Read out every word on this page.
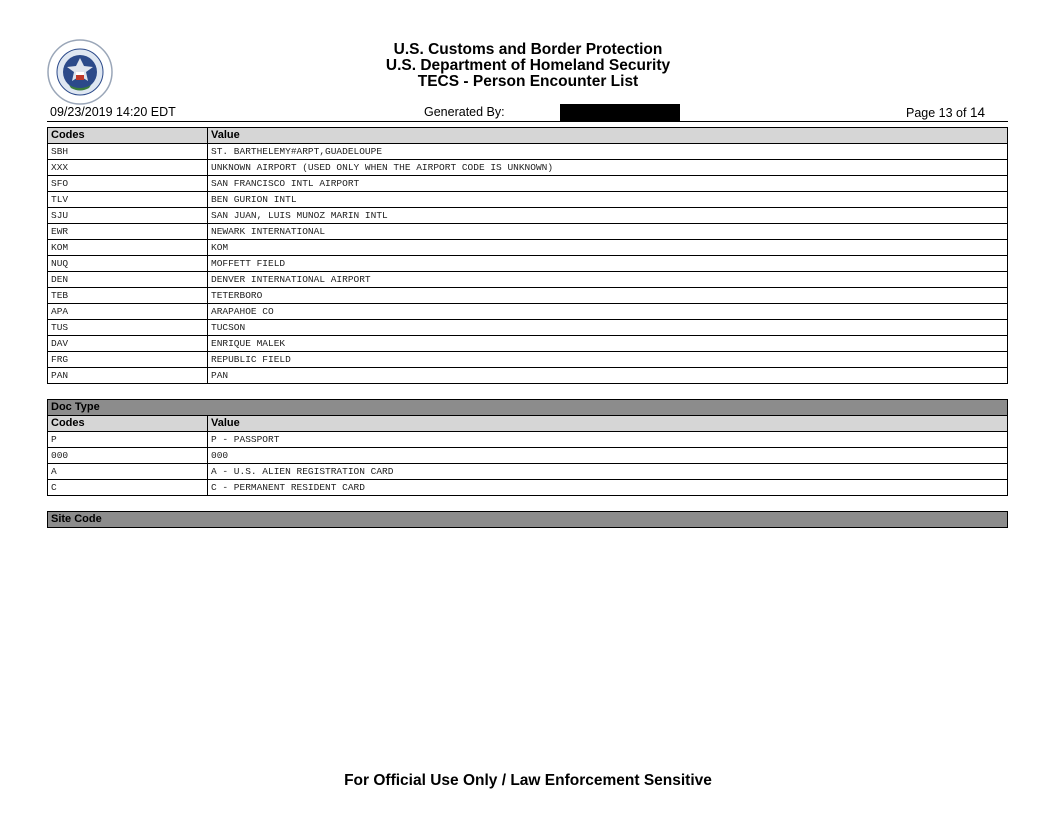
U.S. Customs and Border Protection
U.S. Department of Homeland Security
TECS - Person Encounter List
09/23/2019 14:20 EDT	Generated By:	Page 13 of 14
Codes	Value
SBH	ST. BARTHELEMY#ARPT,GUADELOUPE
XXX	UNKNOWN AIRPORT (USED ONLY WHEN THE AIRPORT CODE IS UNKNOWN)
SFO	SAN FRANCISCO INTL AIRPORT
TLV	BEN GURION INTL
SJU	SAN JUAN, LUIS MUNOZ MARIN INTL
EWR	NEWARK INTERNATIONAL
KOM	KOM
NUQ	MOFFETT FIELD
DEN	DENVER INTERNATIONAL AIRPORT
TEB	TETERBORO
APA	ARAPAHOE CO
TUS	TUCSON
DAV	ENRIQUE MALEK
FRG	REPUBLIC FIELD
PAN	PAN
Doc Type	
Codes	Value
P	P - PASSPORT
000	000
A	A - U.S. ALIEN REGISTRATION CARD
C	C - PERMANENT RESIDENT CARD
Site Code
For Official Use Only / Law Enforcement Sensitive
